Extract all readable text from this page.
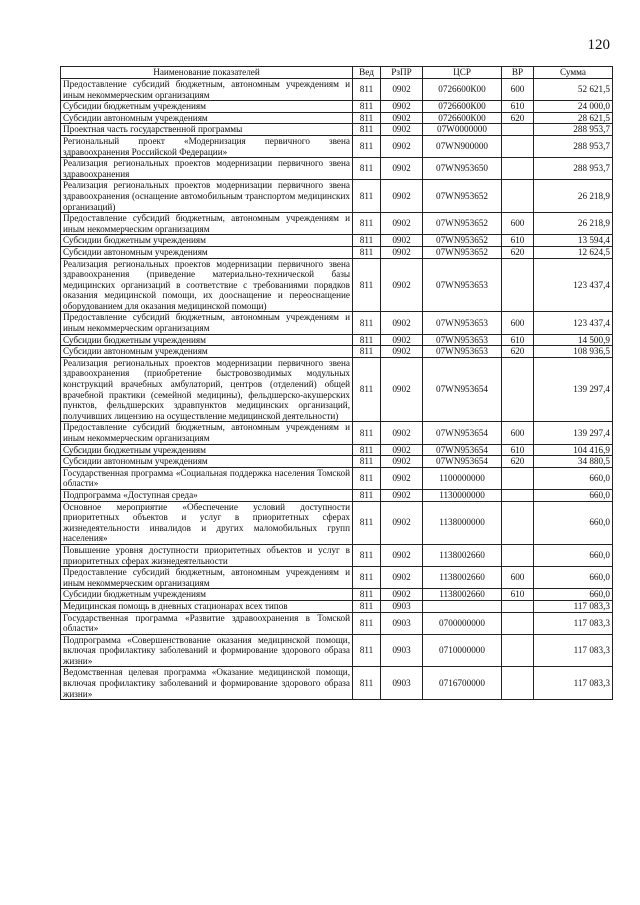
120
Наименование показателей	Вед	РзПР	ЦСР	ВР	Сумма
Предоставление субсидий бюджетным, автономным учреждениям и иным некоммерческим организациям	811	0902	0726600К00	600	52 621,5
Субсидии бюджетным учреждениям	811	0902	0726600К00	610	24 000,0
Субсидии автономным учреждениям	811	0902	0726600К00	620	28 621,5
Проектная часть государственной программы	811	0902	07W0000000		288 953,7
Региональный проект «Модернизация первичного звена здравоохранения Российской Федерации»	811	0902	07WN900000		288 953,7
Реализация региональных проектов модернизации первичного звена здравоохранения	811	0902	07WN953650		288 953,7
Реализация региональных проектов модернизации первичного звена здравоохранения (оснащение автомобильным транспортом медицинских организаций)	811	0902	07WN953652		26 218,9
Предоставление субсидий бюджетным, автономным учреждениям и иным некоммерческим организациям	811	0902	07WN953652	600	26 218,9
Субсидии бюджетным учреждениям	811	0902	07WN953652	610	13 594,4
Субсидии автономным учреждениям	811	0902	07WN953652	620	12 624,5
Реализация региональных проектов модернизации первичного звена здравоохранения (приведение материально-технической базы медицинских организаций в соответствие с требованиями порядков оказания медицинской помощи, их дооснащение и переоснащение оборудованием для оказания медицинской помощи)	811	0902	07WN953653		123 437,4
Предоставление субсидий бюджетным, автономным учреждениям и иным некоммерческим организациям	811	0902	07WN953653	600	123 437,4
Субсидии бюджетным учреждениям	811	0902	07WN953653	610	14 500,9
Субсидии автономным учреждениям	811	0902	07WN953653	620	108 936,5
Реализация региональных проектов модернизации первичного звена здравоохранения (приобретение быстровозводимых модульных конструкций врачебных амбулаторий, центров (отделений) общей врачебной практики (семейной медицины), фельдшерско-акушерских пунктов, фельдшерских здравпунктов медицинских организаций, получивших лицензию на осуществление медицинской деятельности)	811	0902	07WN953654		139 297,4
Предоставление субсидий бюджетным, автономным учреждениям и иным некоммерческим организациям	811	0902	07WN953654	600	139 297,4
Субсидии бюджетным учреждениям	811	0902	07WN953654	610	104 416,9
Субсидии автономным учреждениям	811	0902	07WN953654	620	34 880,5
Государственная программа «Социальная поддержка населения Томской области»	811	0902	1100000000		660,0
Подпрограмма «Доступная среда»	811	0902	1130000000		660,0
Основное мероприятие «Обеспечение условий доступности приоритетных объектов и услуг в приоритетных сферах жизнедеятельности инвалидов и других маломобильных групп населения»	811	0902	1138000000		660,0
Повышение уровня доступности приоритетных объектов и услуг в приоритетных сферах жизнедеятельности	811	0902	1138002660		660,0
Предоставление субсидий бюджетным, автономным учреждениям и иным некоммерческим организациям	811	0902	1138002660	600	660,0
Субсидии бюджетным учреждениям	811	0902	1138002660	610	660,0
Медицинская помощь в дневных стационарах всех типов	811	0903			117 083,3
Государственная программа «Развитие здравоохранения в Томской области»	811	0903	0700000000		117 083,3
Подпрограмма «Совершенствование оказания медицинской помощи, включая профилактику заболеваний и формирование здорового образа жизни»	811	0903	0710000000		117 083,3
Ведомственная целевая программа «Оказание медицинской помощи, включая профилактику заболеваний и формирование здорового образа жизни»	811	0903	0716700000		117 083,3
